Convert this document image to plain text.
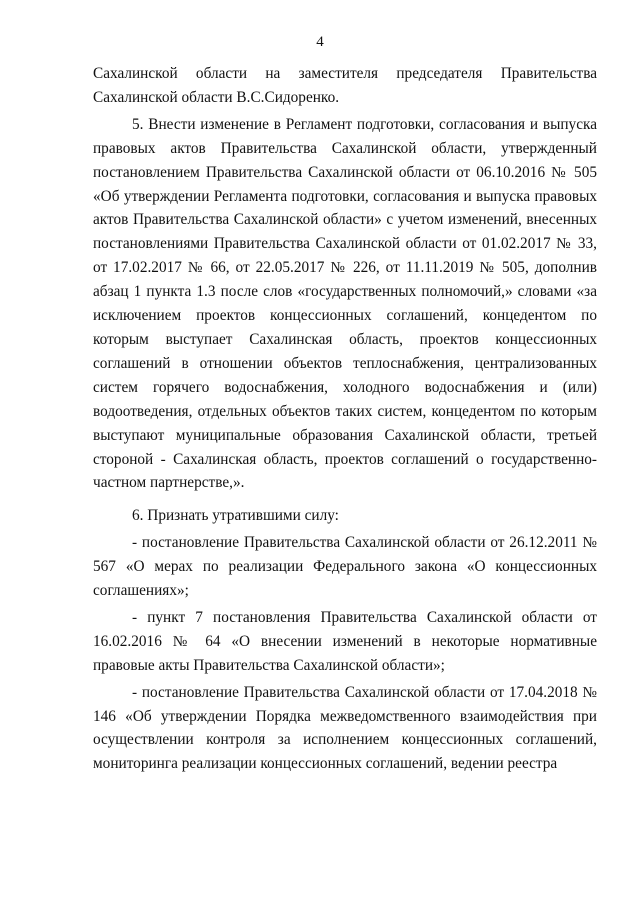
4

Сахалинской области на заместителя председателя Правительства Сахалинской области В.С.Сидоренко.

5. Внести изменение в Регламент подготовки, согласования и выпуска правовых актов Правительства Сахалинской области, утвержденный постановлением Правительства Сахалинской области от 06.10.2016 № 505 «Об утверждении Регламента подготовки, согласования и выпуска правовых актов Правительства Сахалинской области» с учетом изменений, внесенных постановлениями Правительства Сахалинской области от 01.02.2017 № 33, от 17.02.2017 № 66, от 22.05.2017 № 226, от 11.11.2019 № 505, дополнив абзац 1 пункта 1.3 после слов «государственных полномочий,» словами «за исключением проектов концессионных соглашений, концедентом по которым выступает Сахалинская область, проектов концессионных соглашений в отношении объектов теплоснабжения, централизованных систем горячего водоснабжения, холодного водоснабжения и (или) водоотведения, отдельных объектов таких систем, концедентом по которым выступают муниципальные образования Сахалинской области, третьей стороной - Сахалинская область, проектов соглашений о государственно-частном партнерстве,».

6. Признать утратившими силу:

- постановление Правительства Сахалинской области от 26.12.2011 № 567 «О мерах по реализации Федерального закона «О концессионных соглашениях»;

- пункт 7 постановления Правительства Сахалинской области от 16.02.2016 № 64 «О внесении изменений в некоторые нормативные правовые акты Правительства Сахалинской области»;

- постановление Правительства Сахалинской области от 17.04.2018 № 146 «Об утверждении Порядка межведомственного взаимодействия при осуществлении контроля за исполнением концессионных соглашений, мониторинга реализации концессионных соглашений, ведении реестра
